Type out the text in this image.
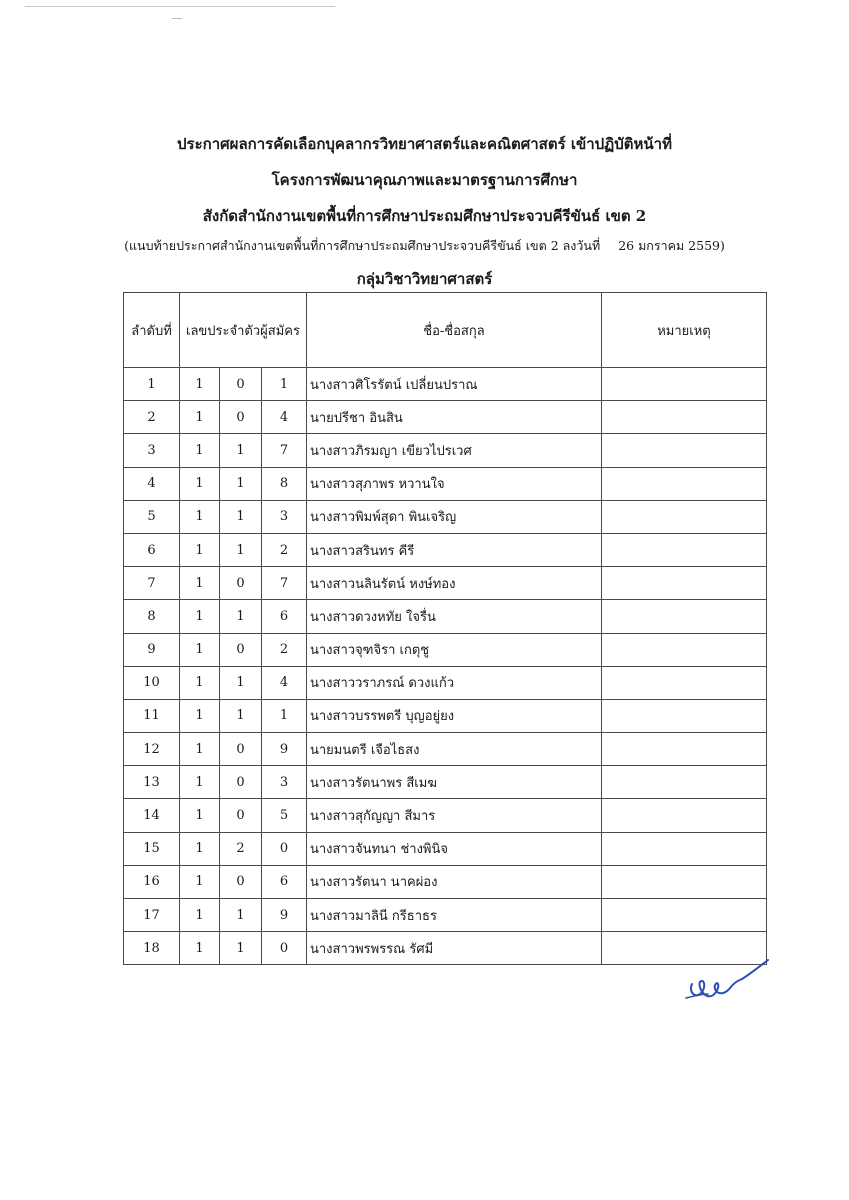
ประกาศผลการคัดเลือกบุคลากรวิทยาศาสตร์และคณิตศาสตร์ เข้าปฏิบัติหน้าที่
โครงการพัฒนาคุณภาพและมาตรฐานการศึกษา
สังกัดสำนักงานเขตพื้นที่การศึกษาประถมศึกษาประจวบคีรีขันธ์ เขต 2
(แนบท้ายประกาศสำนักงานเขตพื้นที่การศึกษาประถมศึกษาประจวบคีรีขันธ์ เขต 2 ลงวันที่ 26 มกราคม 2559)
กลุ่มวิชาวิทยาศาสตร์
ลำดับที่	เลขประจำตัวผู้สมัคร			ชื่อ-ชื่อสกุล	หมายเหตุ
1	1	0	1	นางสาวศิโรรัตน์ เปลี่ยนปราณ	
2	1	0	4	นายปรีชา อินสิน	
3	1	1	7	นางสาวภิรมญา เขียวไปรเวศ	
4	1	1	8	นางสาวสุภาพร หวานใจ	
5	1	1	3	นางสาวพิมพ์สุดา พินเจริญ	
6	1	1	2	นางสาวสรินทร คีรี	
7	1	0	7	นางสาวนลินรัตน์ หงษ์ทอง	
8	1	1	6	นางสาวดวงหทัย ใจรื่น	
9	1	0	2	นางสาวจุฑจิรา เกตุชู	
10	1	1	4	นางสาววราภรณ์ ดวงแก้ว	
11	1	1	1	นางสาวบรรพตรี บุญอยู่ยง	
12	1	0	9	นายมนตรี เจือไธสง	
13	1	0	3	นางสาวรัตนาพร สีเมฆ	
14	1	0	5	นางสาวสุกัญญา สีมาร	
15	1	2	0	นางสาวจันทนา ช่างพินิจ	
16	1	0	6	นางสาวรัตนา นาคผ่อง	
17	1	1	9	นางสาวมาลินี กรีธาธร	
18	1	1	0	นางสาวพรพรรณ รัศมี	
